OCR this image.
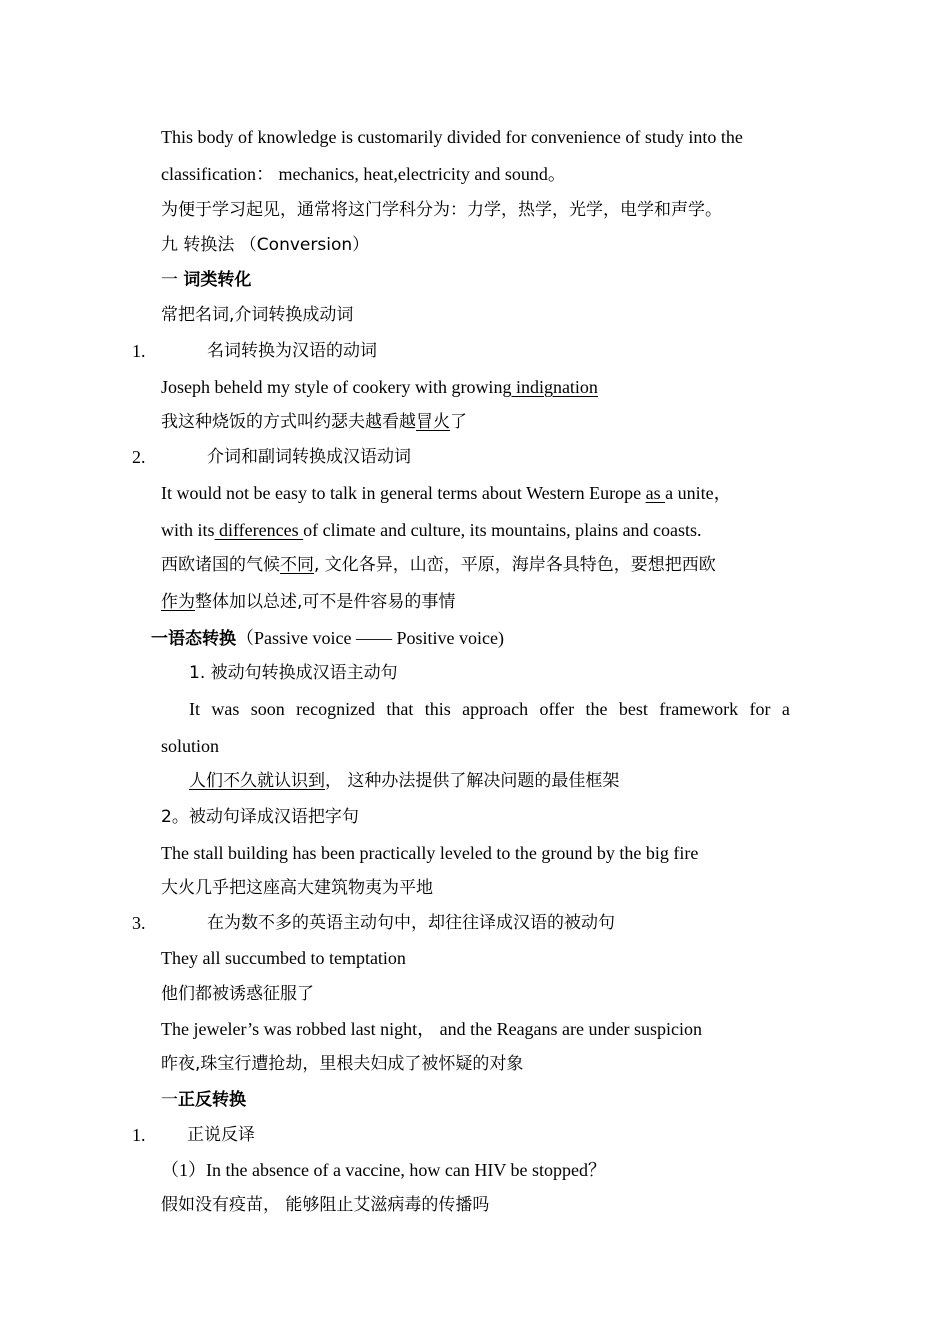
This body of knowledge is customarily divided for convenience of study into the
classification： mechanics, heat,electricity and sound。
为便于学习起见，通常将这门学科分为：力学，热学，光学，电学和声学。
九 转换法 （Conversion）
一 词类转化
常把名词,介词转换成动词
1.	名词转换为汉语的动词
Joseph beheld my style of cookery with growing indignation
我这种烧饭的方式叫约瑟夫越看越冒火了
2.	介词和副词转换成汉语动词
It would not be easy to talk in general terms about Western Europe as a unite，
with its differences of climate and culture, its mountains, plains and coasts.
西欧诸国的气候不同, 文化各异，山峦，平原，海岸各具特色，要想把西欧
作为整体加以总述,可不是件容易的事情
一语态转换（Passive voice —— Positive voice)
1. 被动句转换成汉语主动句
It was soon recognized that this approach offer the best framework for a
solution
人们不久就认识到， 这种办法提供了解决问题的最佳框架
2。被动句译成汉语把字句
The stall building has been practically leveled to the ground by the big fire
大火几乎把这座高大建筑物夷为平地
3.	在为数不多的英语主动句中，却往往译成汉语的被动句
They all succumbed to temptation
他们都被诱惑征服了
The jeweler’s was robbed last night， and the Reagans are under suspicion
昨夜,珠宝行遭抢劫，里根夫妇成了被怀疑的对象
一正反转换
1. 正说反译
（1）In the absence of a vaccine, how can HIV be stopped？
假如没有疫苗， 能够阻止艾滋病毒的传播吗
